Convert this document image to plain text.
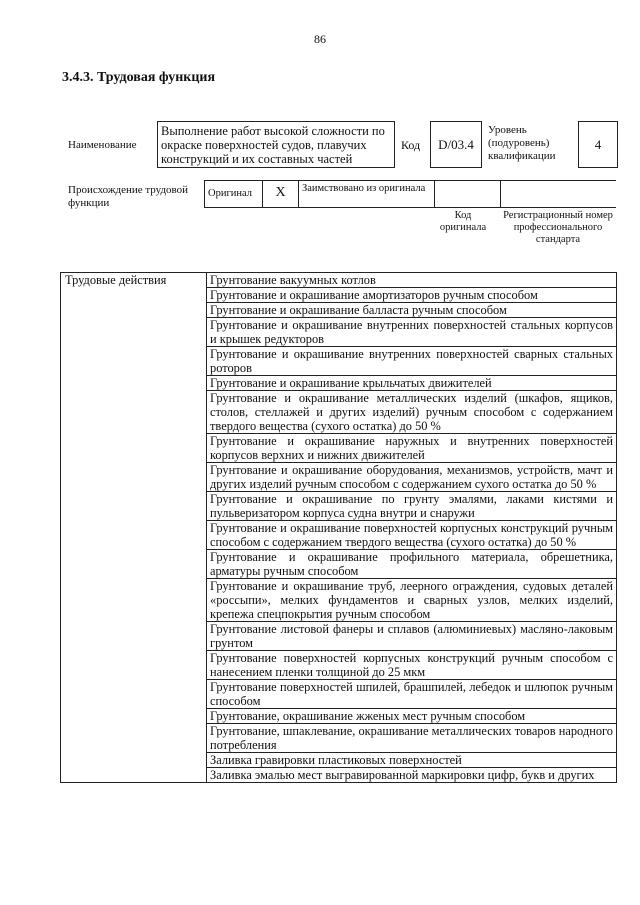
86
3.4.3. Трудовая функция
Наименование
Выполнение работ высокой сложности по окраске поверхностей судов, плавучих конструкций и их составных частей
Код	D/03.4
Уровень (подуровень) квалификации
4
Происхождение трудовой функции
Оригинал	X	Заимствовано из оригинала
Код оригинала
Регистрационный номер профессионального стандарта
Трудовые действия	Грунтование вакуумных котлов
Грунтование и окрашивание амортизаторов ручным способом
Грунтование и окрашивание балласта ручным способом
Грунтование и окрашивание внутренних поверхностей стальных корпусов и крышек редукторов
Грунтование и окрашивание внутренних поверхностей сварных стальных роторов
Грунтование и окрашивание крыльчатых движителей
Грунтование и окрашивание металлических изделий (шкафов, ящиков, столов, стеллажей и других изделий) ручным способом с содержанием твердого вещества (сухого остатка) до 50 %
Грунтование и окрашивание наружных и внутренних поверхностей корпусов верхних и нижних движителей
Грунтование и окрашивание оборудования, механизмов, устройств, мачт и других изделий ручным способом с содержанием сухого остатка до 50 %
Грунтование и окрашивание по грунту эмалями, лаками кистями и пульверизатором корпуса судна внутри и снаружи
Грунтование и окрашивание поверхностей корпусных конструкций ручным способом с содержанием твердого вещества (сухого остатка) до 50 %
Грунтование и окрашивание профильного материала, обрешетника, арматуры ручным способом
Грунтование и окрашивание труб, леерного ограждения, судовых деталей «россыпи», мелких фундаментов и сварных узлов, мелких изделий, крепежа спецпокрытия ручным способом
Грунтование листовой фанеры и сплавов (алюминиевых) масляно-лаковым грунтом
Грунтование поверхностей корпусных конструкций ручным способом с нанесением пленки толщиной до 25 мкм
Грунтование поверхностей шпилей, брашпилей, лебедок и шлюпок ручным способом
Грунтование, окрашивание жженых мест ручным способом
Грунтование, шпаклевание, окрашивание металлических товаров народного потребления
Заливка гравировки пластиковых поверхностей
Заливка эмалью мест выгравированной маркировки цифр, букв и других
